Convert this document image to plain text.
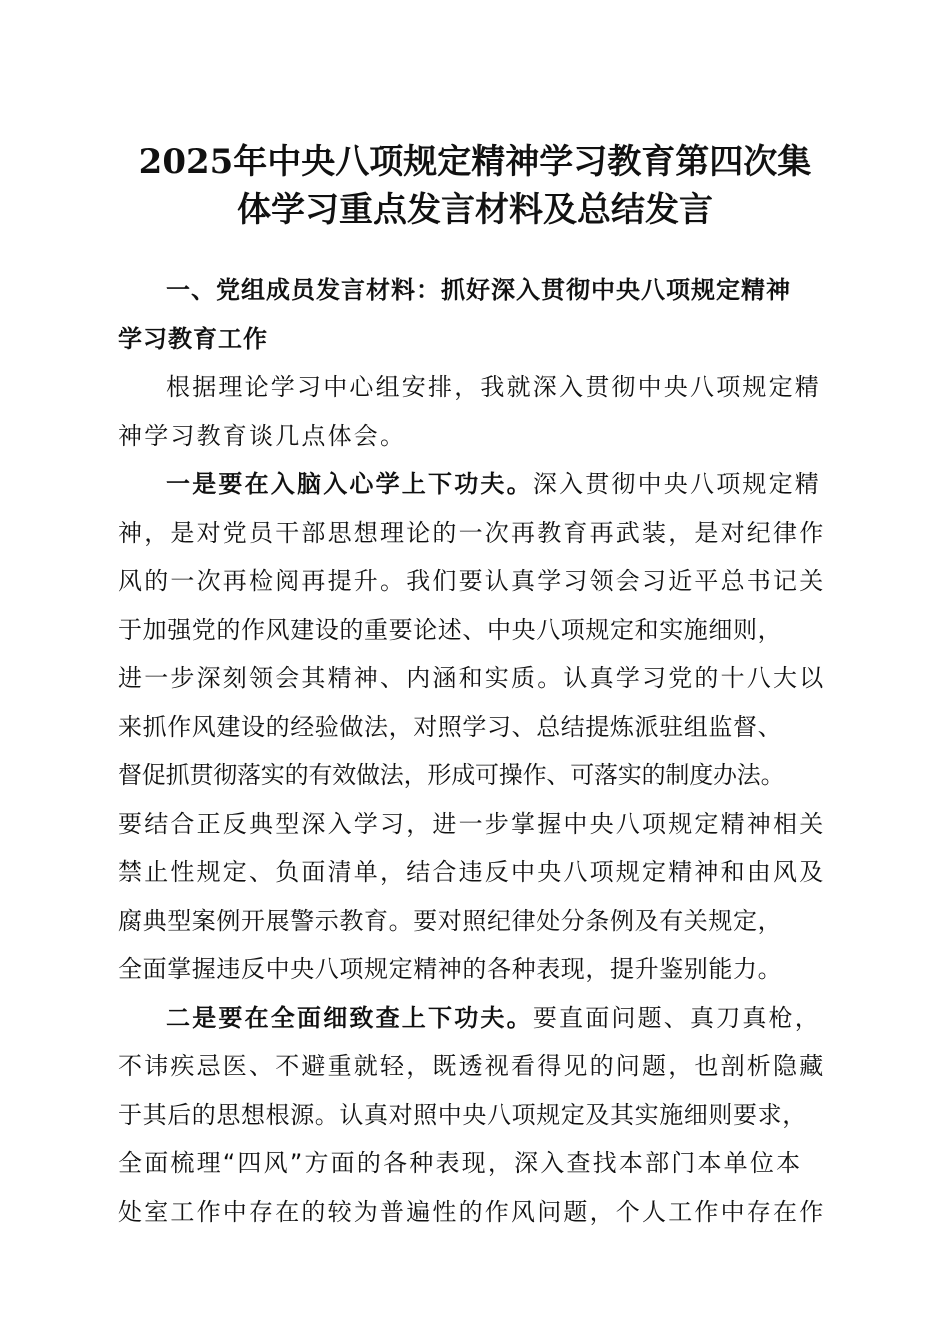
2025年中央八项规定精神学习教育第四次集
体学习重点发言材料及总结发言
一、党组成员发言材料：抓好深入贯彻中央八项规定精神
学习教育工作
根据理论学习中心组安排，我就深入贯彻中央八项规定精
神学习教育谈几点体会。
一是要在入脑入心学上下功夫。深入贯彻中央八项规定精
神，是对党员干部思想理论的一次再教育再武装，是对纪律作
风的一次再检阅再提升。我们要认真学习领会习近平总书记关
于加强党的作风建设的重要论述、中央八项规定和实施细则，
进一步深刻领会其精神、内涵和实质。认真学习党的十八大以
来抓作风建设的经验做法，对照学习、总结提炼派驻组监督、
督促抓贯彻落实的有效做法，形成可操作、可落实的制度办法。
要结合正反典型深入学习，进一步掌握中央八项规定精神相关
禁止性规定、负面清单，结合违反中央八项规定精神和由风及
腐典型案例开展警示教育。要对照纪律处分条例及有关规定，
全面掌握违反中央八项规定精神的各种表现，提升鉴别能力。
二是要在全面细致查上下功夫。要直面问题、真刀真枪，
不讳疾忌医、不避重就轻，既透视看得见的问题，也剖析隐藏
于其后的思想根源。认真对照中央八项规定及其实施细则要求，
全面梳理“四风”方面的各种表现，深入查找本部门本单位本
处室工作中存在的较为普遍性的作风问题，个人工作中存在作
